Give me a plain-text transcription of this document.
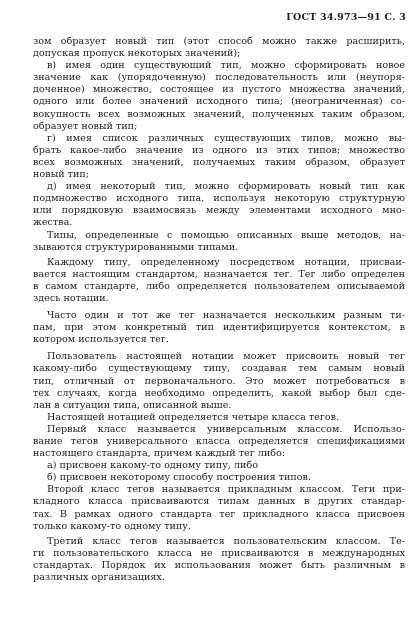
ГОСТ 34.973—91 С. 3
зом образует новый тип (этот способ можно также расширить,
допуская пропуск некоторых значений);
в) имея один существующий тип, можно сформировать новое
значение как (упорядоченную) последовательность или (неупоря-
доченное) множество, состоящее из пустого множества значений,
одного или более значений исходного типа; (неограниченная) со-
вокупность всех возможных значений, полученных таким образом,
образует новый тип;
г) имея список различных существующих типов, можно вы-
брать какое-либо значение из одного из этих типов; множество
всех возможных значений, получаемых таким образом, образует
новый тип;
д) имея некоторый тип, можно сформировать новый тип как
подмножество исходного типа, используя некоторую структурную
или порядковую взаимосвязь между элементами исходного мно-
жества.
Типы, определенные с помощью описанных выше методов, на-
зываются структурированными типами.
Каждому типу, определенному посредством нотации, присваи-
вается настоящим стандартом, назначается тег. Тег либо определен
в самом стандарте, либо определяется пользователем описываемой
здесь нотации.
Часто один и тот же тег назначается нескольким разным ти-
пам, при этом конкретный тип идентифицируется контекстом, в
котором используется тег.
Пользователь настоящей нотации может присвоить новый тег
какому-либо существующему типу, создавая тем самым новый
тип, отличный от первоначального. Это может потребоваться в
тех случаях, когда необходимо определить, какой выбор был сде-
лан в ситуации типа, описанной выше.
Настоящей нотацией определяется четыре класса тегов.
Первый класс называется универсальным классом. Использо-
вание тегов универсального класса определяется спецификациями
настоящего стандарта, причем каждый тег либо:
а) присвоен какому-то одному типу, либо
б) присвоен некоторому способу построения типов.
Второй класс тегов называется прикладным классом. Теги при-
кладного класса присваиваются типам данных в других стандар-
тах. В рамках одного стандарта тег прикладного класса присвоен
только какому-то одному типу.
Третий класс тегов называется пользовательским классом. Те-
ги пользовательского класса не присваиваются в международных
стандартах. Порядок их использования может быть различным в
различных организациях.
